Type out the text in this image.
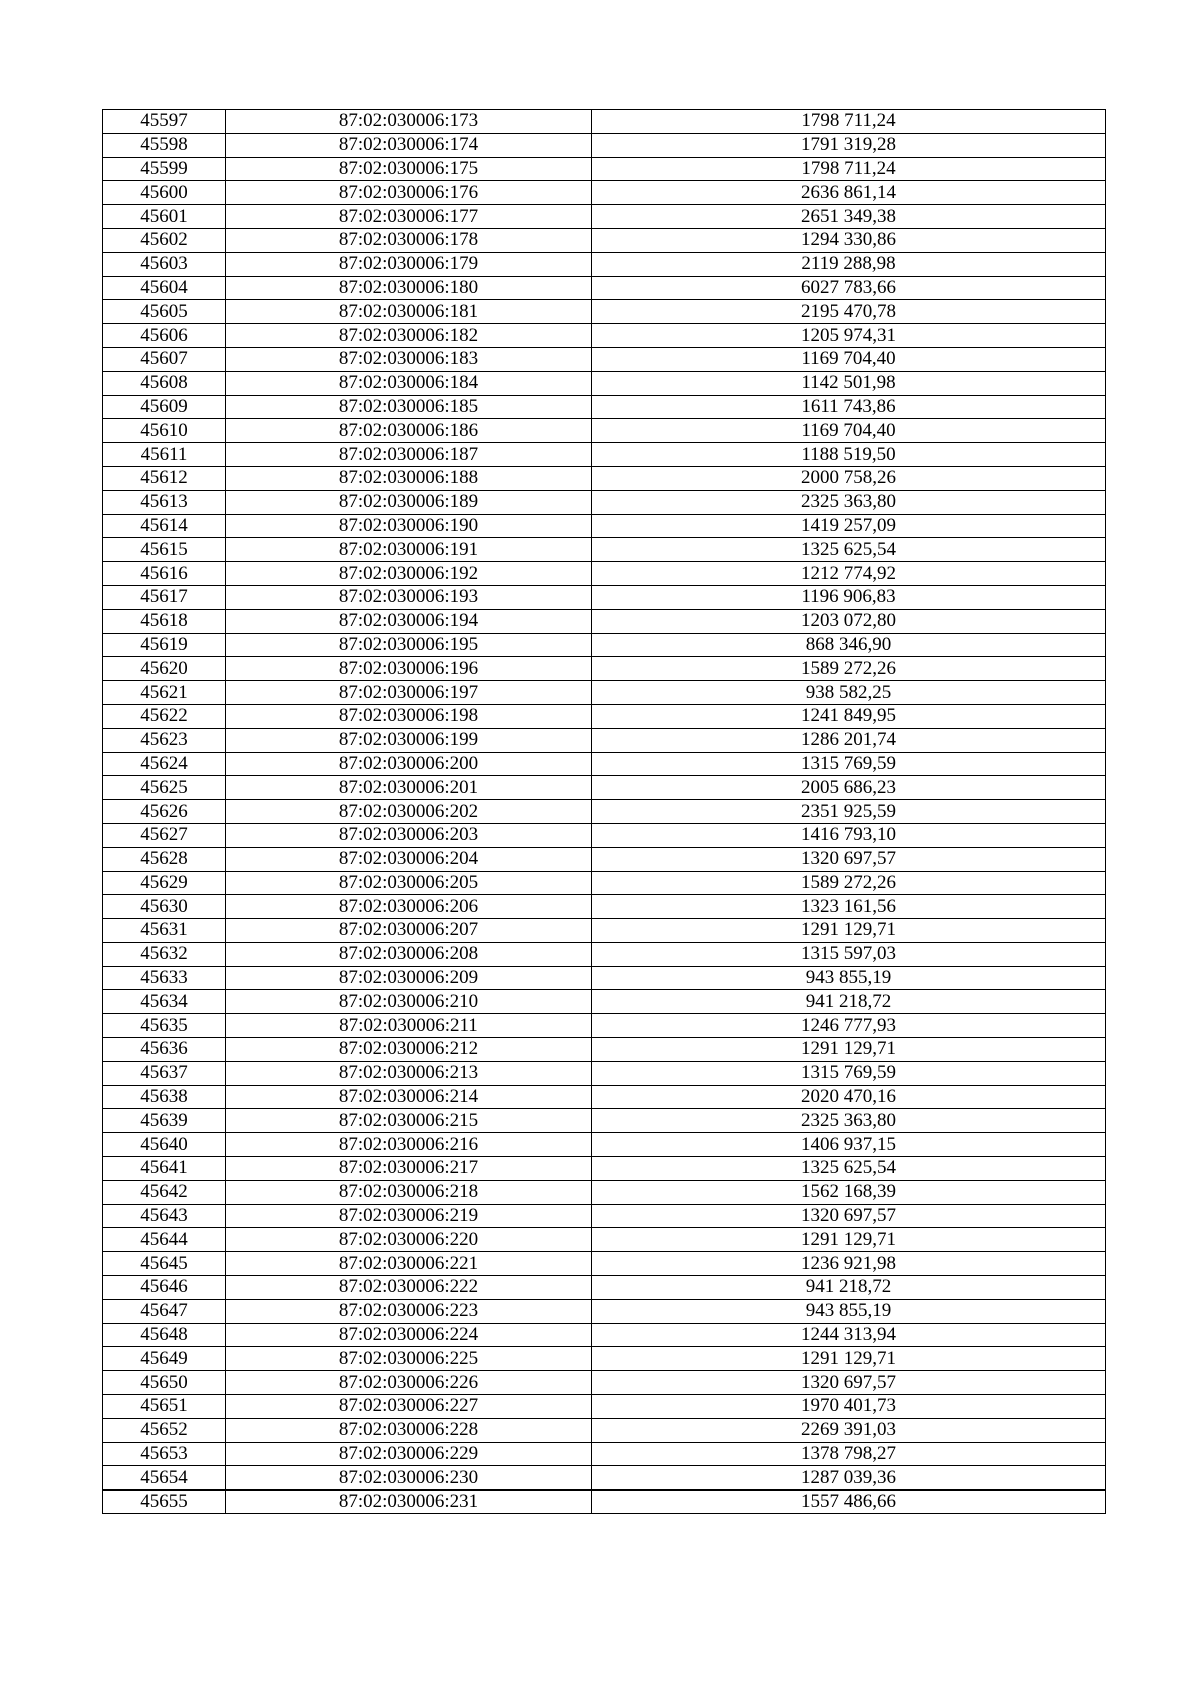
45597	87:02:030006:173	1798 711,24
45598	87:02:030006:174	1791 319,28
45599	87:02:030006:175	1798 711,24
45600	87:02:030006:176	2636 861,14
45601	87:02:030006:177	2651 349,38
45602	87:02:030006:178	1294 330,86
45603	87:02:030006:179	2119 288,98
45604	87:02:030006:180	6027 783,66
45605	87:02:030006:181	2195 470,78
45606	87:02:030006:182	1205 974,31
45607	87:02:030006:183	1169 704,40
45608	87:02:030006:184	1142 501,98
45609	87:02:030006:185	1611 743,86
45610	87:02:030006:186	1169 704,40
45611	87:02:030006:187	1188 519,50
45612	87:02:030006:188	2000 758,26
45613	87:02:030006:189	2325 363,80
45614	87:02:030006:190	1419 257,09
45615	87:02:030006:191	1325 625,54
45616	87:02:030006:192	1212 774,92
45617	87:02:030006:193	1196 906,83
45618	87:02:030006:194	1203 072,80
45619	87:02:030006:195	868 346,90
45620	87:02:030006:196	1589 272,26
45621	87:02:030006:197	938 582,25
45622	87:02:030006:198	1241 849,95
45623	87:02:030006:199	1286 201,74
45624	87:02:030006:200	1315 769,59
45625	87:02:030006:201	2005 686,23
45626	87:02:030006:202	2351 925,59
45627	87:02:030006:203	1416 793,10
45628	87:02:030006:204	1320 697,57
45629	87:02:030006:205	1589 272,26
45630	87:02:030006:206	1323 161,56
45631	87:02:030006:207	1291 129,71
45632	87:02:030006:208	1315 597,03
45633	87:02:030006:209	943 855,19
45634	87:02:030006:210	941 218,72
45635	87:02:030006:211	1246 777,93
45636	87:02:030006:212	1291 129,71
45637	87:02:030006:213	1315 769,59
45638	87:02:030006:214	2020 470,16
45639	87:02:030006:215	2325 363,80
45640	87:02:030006:216	1406 937,15
45641	87:02:030006:217	1325 625,54
45642	87:02:030006:218	1562 168,39
45643	87:02:030006:219	1320 697,57
45644	87:02:030006:220	1291 129,71
45645	87:02:030006:221	1236 921,98
45646	87:02:030006:222	941 218,72
45647	87:02:030006:223	943 855,19
45648	87:02:030006:224	1244 313,94
45649	87:02:030006:225	1291 129,71
45650	87:02:030006:226	1320 697,57
45651	87:02:030006:227	1970 401,73
45652	87:02:030006:228	2269 391,03
45653	87:02:030006:229	1378 798,27
45654	87:02:030006:230	1287 039,36
45655	87:02:030006:231	1557 486,66
